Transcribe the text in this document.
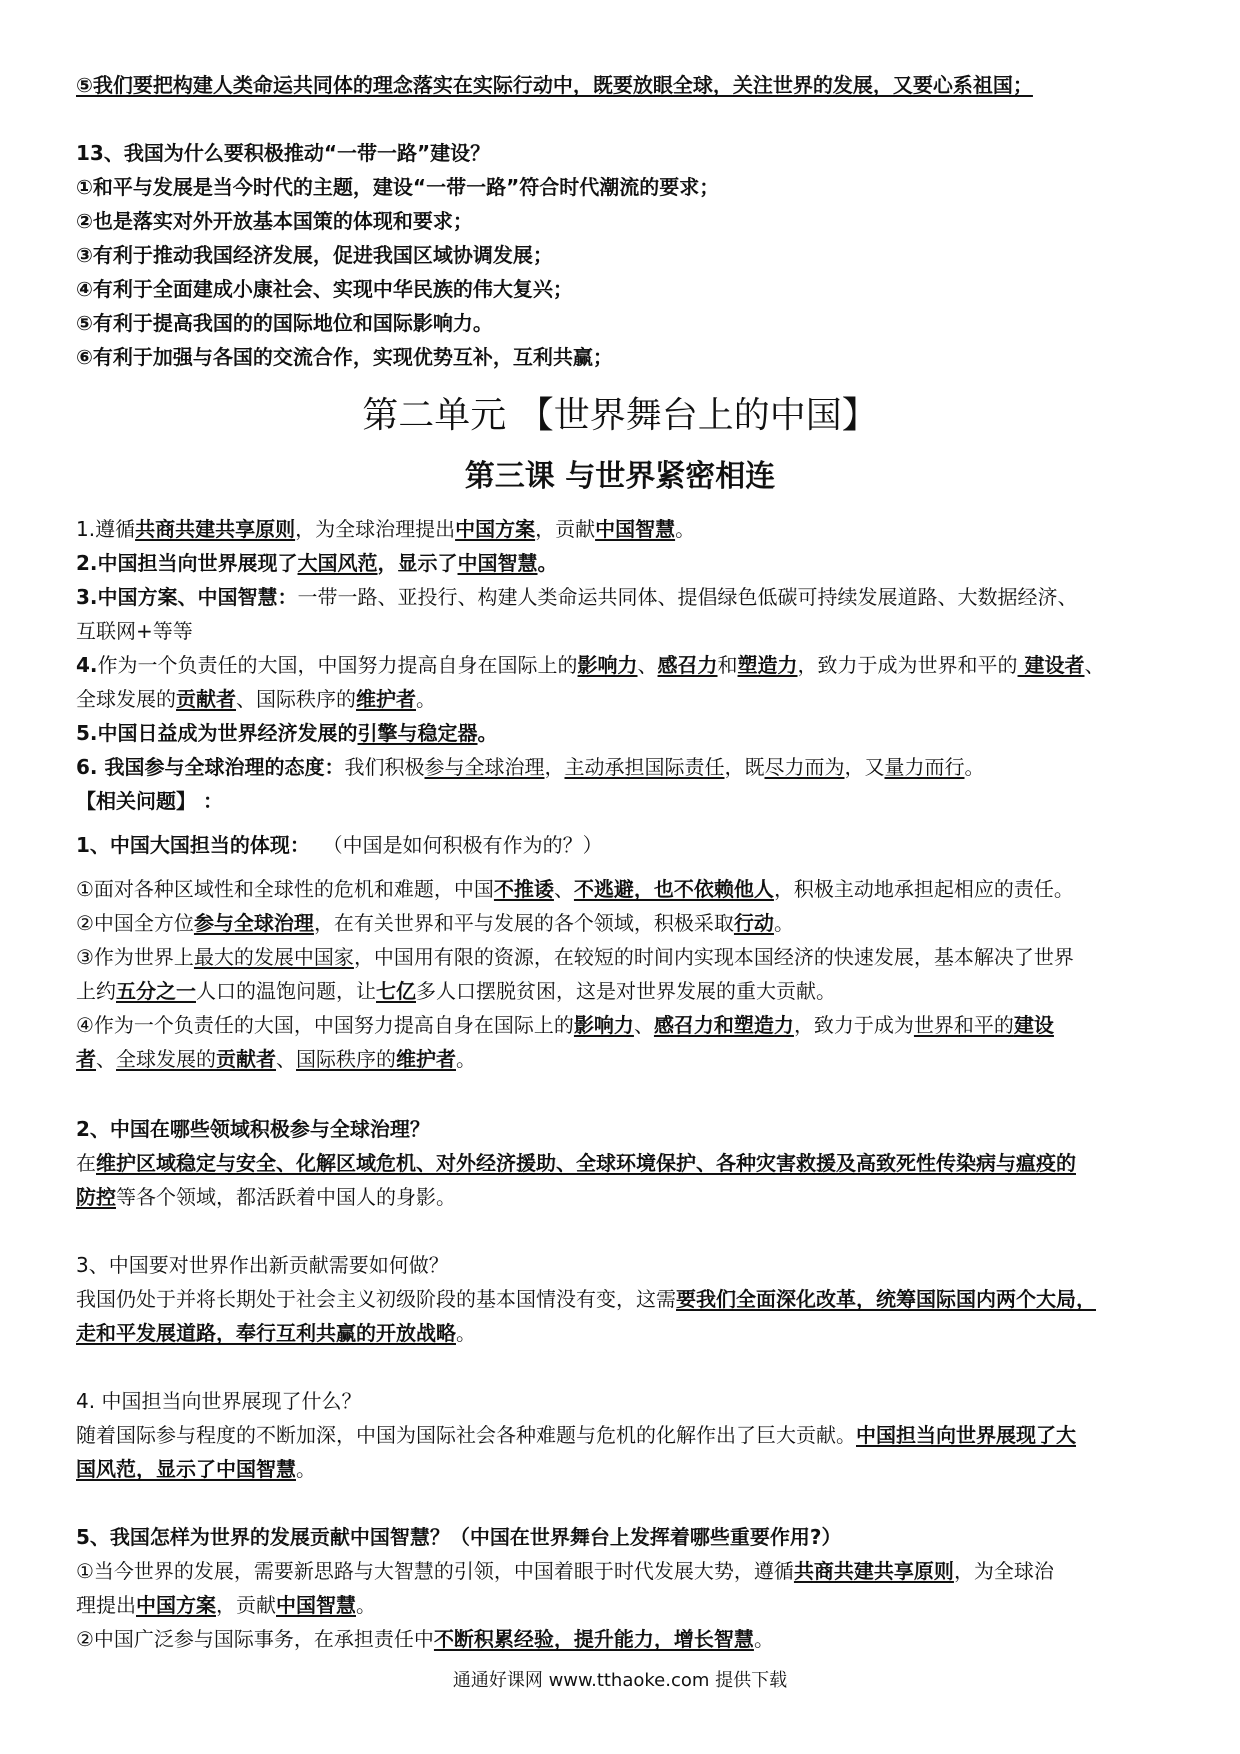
⑤我们要把构建人类命运共同体的理念落实在实际行动中，既要放眼全球，关注世界的发展，又要心系祖国；
13、我国为什么要积极推动“一带一路”建设？
①和平与发展是当今时代的主题，建设“一带一路”符合时代潮流的要求；
②也是落实对外开放基本国策的体现和要求；
③有利于推动我国经济发展，促进我国区域协调发展；
④有利于全面建成小康社会、实现中华民族的伟大复兴；
⑤有利于提高我国的的国际地位和国际影响力。
⑥有利于加强与各国的交流合作，实现优势互补，互利共赢；
第二单元 【世界舞台上的中国】
第三课 与世界紧密相连
1.遵循共商共建共享原则，为全球治理提出中国方案，贡献中国智慧。
2.中国担当向世界展现了大国风范，显示了中国智慧。
3.中国方案、中国智慧：一带一路、亚投行、构建人类命运共同体、提倡绿色低碳可持续发展道路、大数据经济、
互联网+等等
4.作为一个负责任的大国，中国努力提高自身在国际上的影响力、感召力和塑造力，致力于成为世界和平的 建设者、
全球发展的贡献者、国际秩序的维护者。
5.中国日益成为世界经济发展的引擎与稳定器。
6. 我国参与全球治理的态度：我们积极参与全球治理，主动承担国际责任，既尽力而为，又量力而行。
【相关问题】 ：
1、中国大国担当的体现： （中国是如何积极有作为的？）
①面对各种区域性和全球性的危机和难题，中国不推诿、不逃避，也不依赖他人，积极主动地承担起相应的责任。
②中国全方位参与全球治理，在有关世界和平与发展的各个领域，积极采取行动。
③作为世界上最大的发展中国家，中国用有限的资源，在较短的时间内实现本国经济的快速发展，基本解决了世界
上约五分之一人口的温饱问题，让七亿多人口摆脱贫困，这是对世界发展的重大贡献。
④作为一个负责任的大国，中国努力提高自身在国际上的影响力、感召力和塑造力，致力于成为世界和平的建设
者、全球发展的贡献者、国际秩序的维护者。
2、中国在哪些领域积极参与全球治理？
在维护区域稳定与安全、化解区域危机、对外经济援助、全球环境保护、各种灾害救援及高致死性传染病与瘟疫的
防控等各个领域，都活跃着中国人的身影。
3、中国要对世界作出新贡献需要如何做？
我国仍处于并将长期处于社会主义初级阶段的基本国情没有变，这需要我们全面深化改革，统筹国际国内两个大局，
走和平发展道路，奉行互利共赢的开放战略。
4. 中国担当向世界展现了什么？
随着国际参与程度的不断加深，中国为国际社会各种难题与危机的化解作出了巨大贡献。中国担当向世界展现了大
国风范，显示了中国智慧。
5、我国怎样为世界的发展贡献中国智慧？（中国在世界舞台上发挥着哪些重要作用?）
①当今世界的发展，需要新思路与大智慧的引领，中国着眼于时代发展大势，遵循共商共建共享原则，为全球治
理提出中国方案，贡献中国智慧。
②中国广泛参与国际事务，在承担责任中不断积累经验，提升能力，增长智慧。
通通好课网 www.tthaoke.com 提供下载
